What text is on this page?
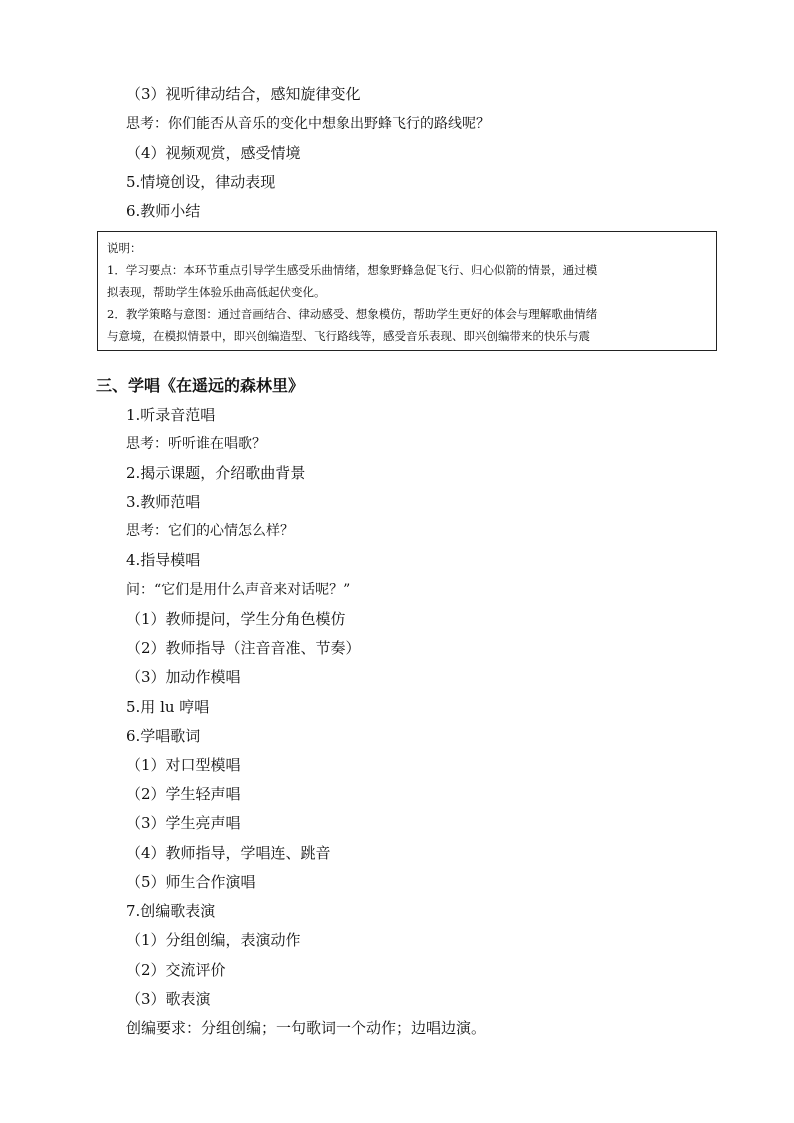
（3）视听律动结合，感知旋律变化

思考：你们能否从音乐的变化中想象出野蜂飞行的路线呢？

（4）视频观赏，感受情境

5.情境创设，律动表现

6.教师小结

说明：
1．学习要点：本环节重点引导学生感受乐曲情绪，想象野蜂急促飞行、归心似箭的情景，通过模
拟表现，帮助学生体验乐曲高低起伏变化。
2．教学策略与意图：通过音画结合、律动感受、想象模仿，帮助学生更好的体会与理解歌曲情绪
与意境，在模拟情景中，即兴创编造型、飞行路线等，感受音乐表现、即兴创编带来的快乐与震

三、学唱《在遥远的森林里》

1.听录音范唱

思考：听听谁在唱歌？

2.揭示课题，介绍歌曲背景

3.教师范唱

思考：它们的心情怎么样？

4.指导模唱

问：“它们是用什么声音来对话呢？”

（1）教师提问，学生分角色模仿

（2）教师指导（注音音准、节奏）

（3）加动作模唱

5.用 lu 哼唱

6.学唱歌词

（1）对口型模唱

（2）学生轻声唱

（3）学生亮声唱

（4）教师指导，学唱连、跳音

（5）师生合作演唱

7.创编歌表演

（1）分组创编，表演动作

（2）交流评价

（3）歌表演

创编要求：分组创编；一句歌词一个动作；边唱边演。
